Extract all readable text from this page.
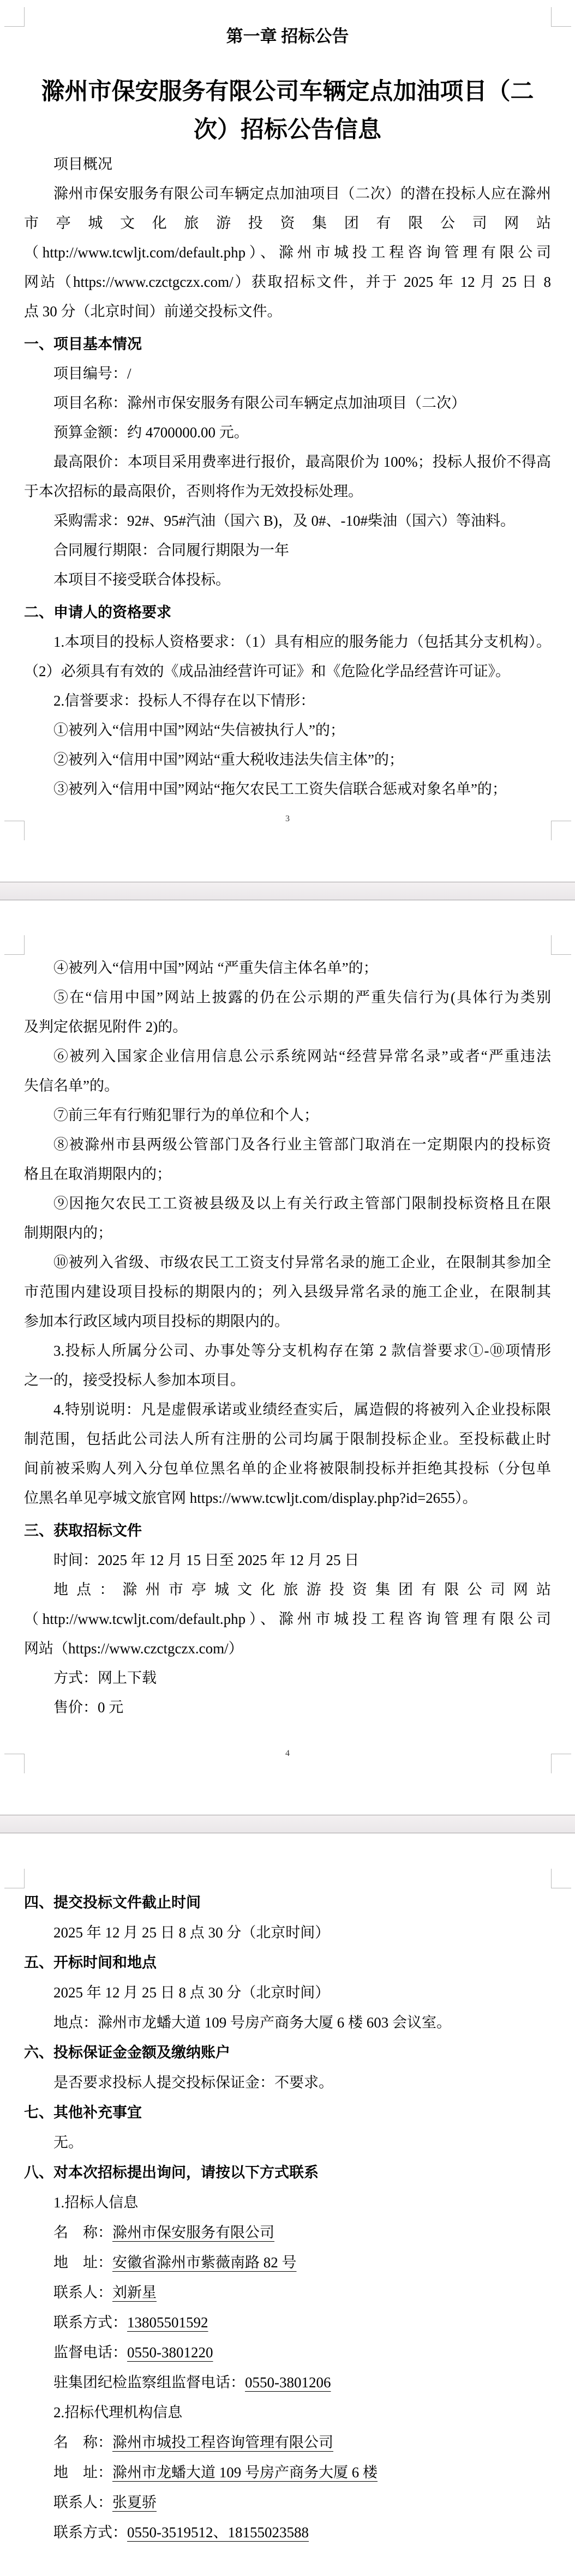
第一章 招标公告
滁州市保安服务有限公司车辆定点加油项目（二次）招标公告信息
项目概况
滁州市保安服务有限公司车辆定点加油项目（二次）的潜在投标人应在滁州
市亭城文化旅游投资集团有限公司网站
（http://www.tcwljt.com/default.php）、滁州市城投工程咨询管理有限公司
网站（https://www.czctgczx.com/）获取招标文件，并于 2025 年 12 月 25 日 8
点 30 分（北京时间）前递交投标文件。
一、项目基本情况
项目编号：/
项目名称：滁州市保安服务有限公司车辆定点加油项目（二次）
预算金额：约 4700000.00 元。
最高限价：本项目采用费率进行报价，最高限价为 100%；投标人报价不得高
于本次招标的最高限价，否则将作为无效投标处理。
采购需求：92#、95#汽油（国六 B)，及 0#、-10#柴油（国六）等油料。
合同履行期限：合同履行期限为一年
本项目不接受联合体投标。
二、申请人的资格要求
1.本项目的投标人资格要求：（1）具有相应的服务能力（包括其分支机构）。
（2）必须具有有效的《成品油经营许可证》和《危险化学品经营许可证》。
2.信誉要求：投标人不得存在以下情形：
①被列入“信用中国”网站“失信被执行人”的；
②被列入“信用中国”网站“重大税收违法失信主体”的；
③被列入“信用中国”网站“拖欠农民工工资失信联合惩戒对象名单”的；
3
④被列入“信用中国”网站 “严重失信主体名单”的；
⑤在“信用中国”网站上披露的仍在公示期的严重失信行为(具体行为类别
及判定依据见附件 2)的。
⑥被列入国家企业信用信息公示系统网站“经营异常名录”或者“严重违法
失信名单”的。
⑦前三年有行贿犯罪行为的单位和个人；
⑧被滁州市县两级公管部门及各行业主管部门取消在一定期限内的投标资
格且在取消期限内的；
⑨因拖欠农民工工资被县级及以上有关行政主管部门限制投标资格且在限
制期限内的；
⑩被列入省级、市级农民工工资支付异常名录的施工企业，在限制其参加全
市范围内建设项目投标的期限内的；列入县级异常名录的施工企业，在限制其
参加本行政区域内项目投标的期限内的。
3.投标人所属分公司、办事处等分支机构存在第 2 款信誉要求①-⑩项情形
之一的，接受投标人参加本项目。
4.特别说明：凡是虚假承诺或业绩经查实后，属造假的将被列入企业投标限
制范围，包括此公司法人所有注册的公司均属于限制投标企业。至投标截止时
间前被采购人列入分包单位黑名单的企业将被限制投标并拒绝其投标（分包单
位黑名单见亭城文旅官网 https://www.tcwljt.com/display.php?id=2655）。
三、获取招标文件
时间：2025 年 12 月 15 日至 2025 年 12 月 25 日
地点：滁州市亭城文化旅游投资集团有限公司网站
（http://www.tcwljt.com/default.php）、滁州市城投工程咨询管理有限公司
网站（https://www.czctgczx.com/）
方式：网上下载
售价：0 元
4
四、提交投标文件截止时间
2025 年 12 月 25 日 8 点 30 分（北京时间）
五、开标时间和地点
2025 年 12 月 25 日 8 点 30 分（北京时间）
地点：滁州市龙蟠大道 109 号房产商务大厦 6 楼 603 会议室。
六、投标保证金金额及缴纳账户
是否要求投标人提交投标保证金：不要求。
七、其他补充事宜
无。
八、对本次招标提出询问，请按以下方式联系
1.招标人信息
名　称：滁州市保安服务有限公司
地　址：安徽省滁州市紫薇南路 82 号
联系人：刘新星
联系方式：13805501592
监督电话：0550-3801220
驻集团纪检监察组监督电话：0550-3801206
2.招标代理机构信息
名　称：滁州市城投工程咨询管理有限公司
地　址：滁州市龙蟠大道 109 号房产商务大厦 6 楼
联系人：张夏骄
联系方式：0550-3519512、18155023588
